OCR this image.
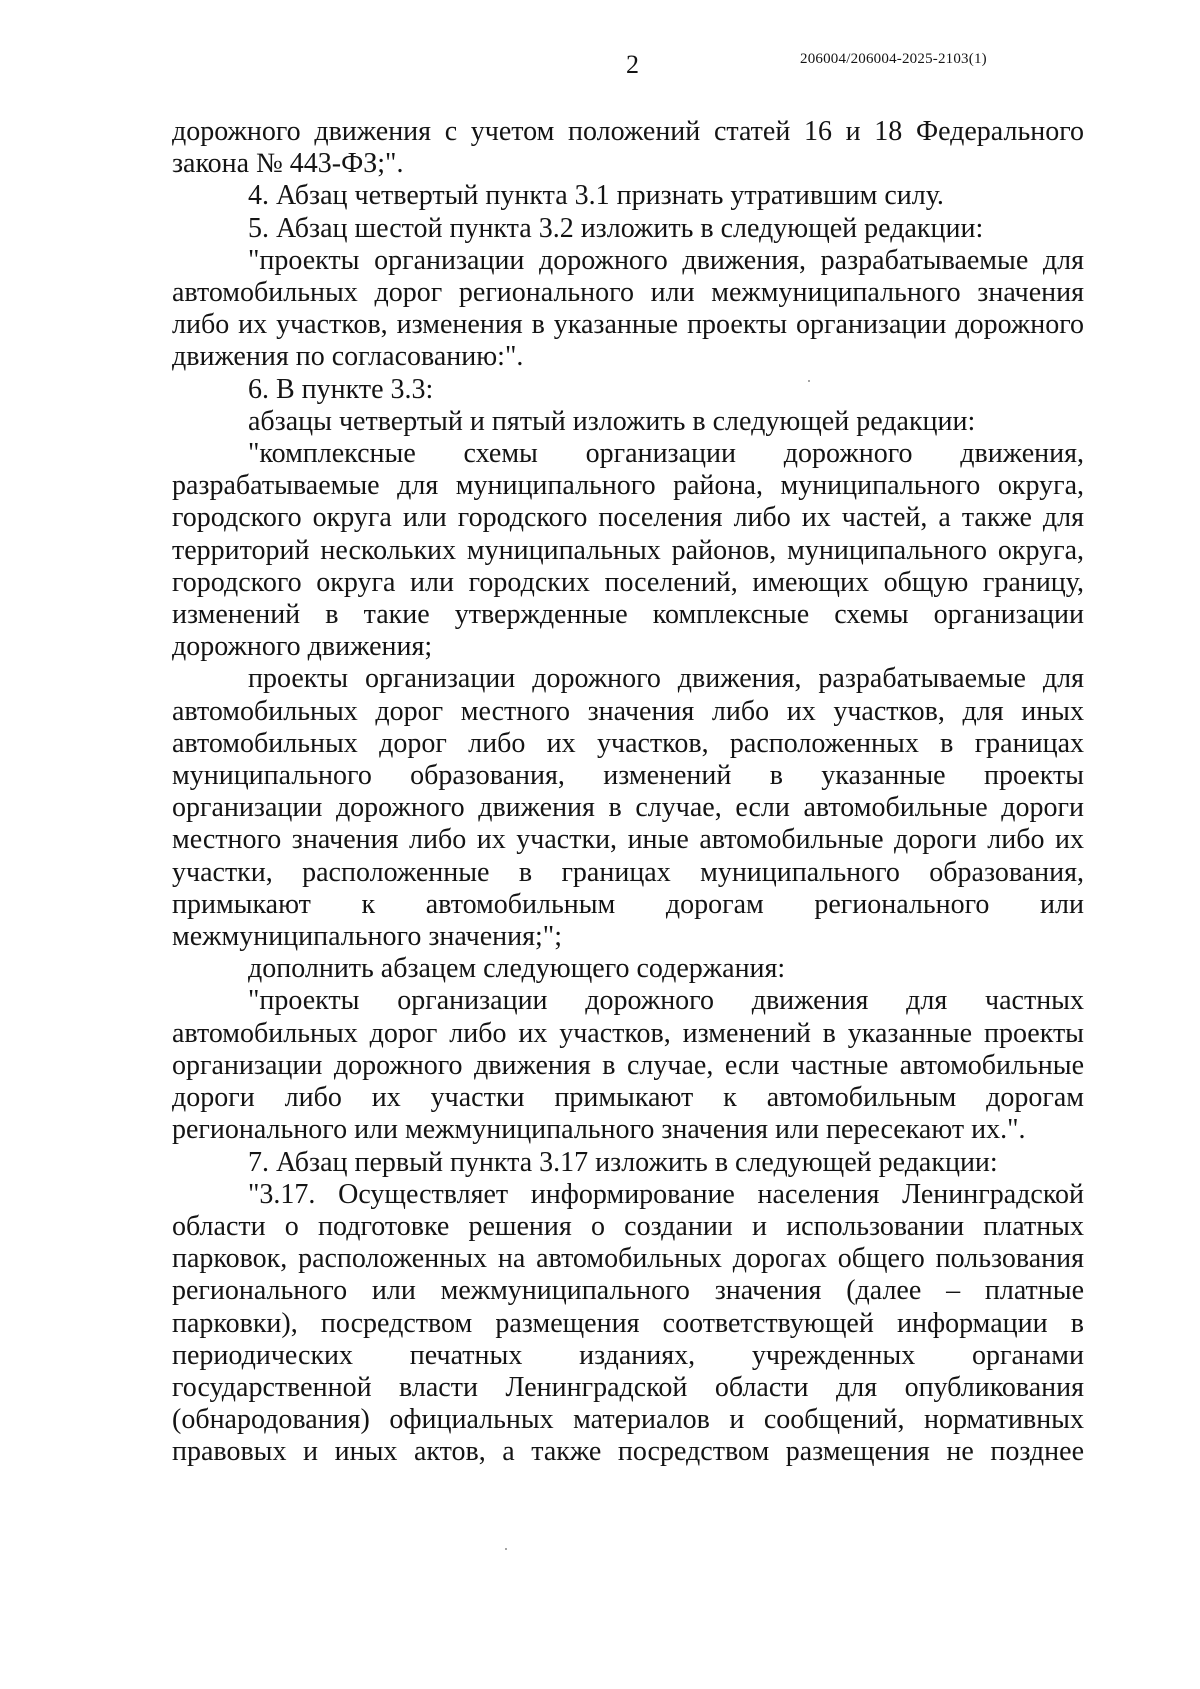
2	206004/206004-2025-2103(1)

дорожного движения с учетом положений статей 16 и 18 Федерального закона № 443-ФЗ;".

4. Абзац четвертый пункта 3.1 признать утратившим силу.

5. Абзац шестой пункта 3.2 изложить в следующей редакции:

"проекты организации дорожного движения, разрабатываемые для автомобильных дорог регионального или межмуниципального значения либо их участков, изменения в указанные проекты организации дорожного движения по согласованию:".

6. В пункте 3.3:

абзацы четвертый и пятый изложить в следующей редакции:

"комплексные схемы организации дорожного движения, разрабатываемые для муниципального района, муниципального округа, городского округа или городского поселения либо их частей, а также для территорий нескольких муниципальных районов, муниципального округа, городского округа или городских поселений, имеющих общую границу, изменений в такие утвержденные комплексные схемы организации дорожного движения;

проекты организации дорожного движения, разрабатываемые для автомобильных дорог местного значения либо их участков, для иных автомобильных дорог либо их участков, расположенных в границах муниципального образования, изменений в указанные проекты организации дорожного движения в случае, если автомобильные дороги местного значения либо их участки, иные автомобильные дороги либо их участки, расположенные в границах муниципального образования, примыкают к автомобильным дорогам регионального или межмуниципального значения;";

дополнить абзацем следующего содержания:

"проекты организации дорожного движения для частных автомобильных дорог либо их участков, изменений в указанные проекты организации дорожного движения в случае, если частные автомобильные дороги либо их участки примыкают к автомобильным дорогам регионального или межмуниципального значения или пересекают их.".

7. Абзац первый пункта 3.17 изложить в следующей редакции:

"3.17. Осуществляет информирование населения Ленинградской области о подготовке решения о создании и использовании платных парковок, расположенных на автомобильных дорогах общего пользования регионального или межмуниципального значения (далее – платные парковки), посредством размещения соответствующей информации в периодических печатных изданиях, учрежденных органами государственной власти Ленинградской области для опубликования (обнародования) официальных материалов и сообщений, нормативных правовых и иных актов, а также посредством размещения не позднее
